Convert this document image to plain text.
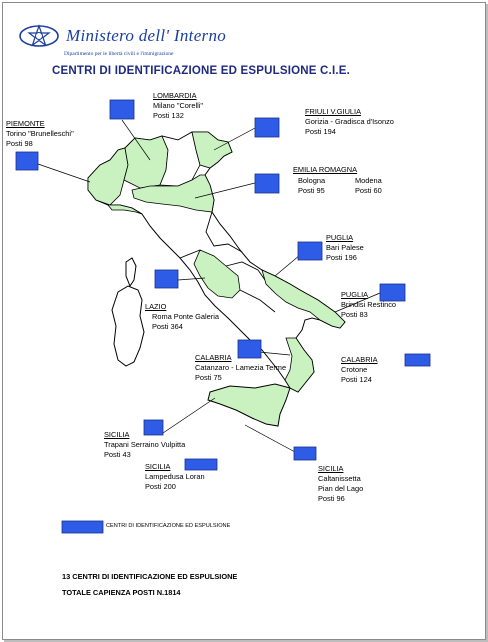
Ministero dell' Interno
Dipartimento per le libertà civili e l'immigrazione
CENTRI DI IDENTIFICAZIONE ED ESPULSIONE C.I.E.
PIEMONTE
Torino "Brunelleschi"
Posti 98
LOMBARDIA
Milano "Corelli"
Posti 132	FRIULI V.GIULIA
Gorizia - Gradisca d'Isonzo
Posti 194
EMILIA ROMAGNA
Bologna
Posti 95
Modena
Posti 60
PUGLIA
Bari Palese
Posti 196
PUGLIA
Brindisi Restinco
Posti 83
LAZIO
Roma Ponte Galeria
Posti 364
CALABRIA
Catanzaro - Lamezia Terme
Posti 75
CALABRIA
Crotone
Posti 124
SICILIA
Trapani Serraino Vulpitta
Posti 43
SICILIA
Lampedusa Loran
Posti 200
SICILIA
Caltanissetta
Pian del Lago
Posti 96
CENTRI DI IDENTIFICAZIONE ED ESPULSIONE
13 CENTRI DI IDENTIFICAZIONE ED ESPULSIONE
TOTALE CAPIENZA POSTI N.1814
